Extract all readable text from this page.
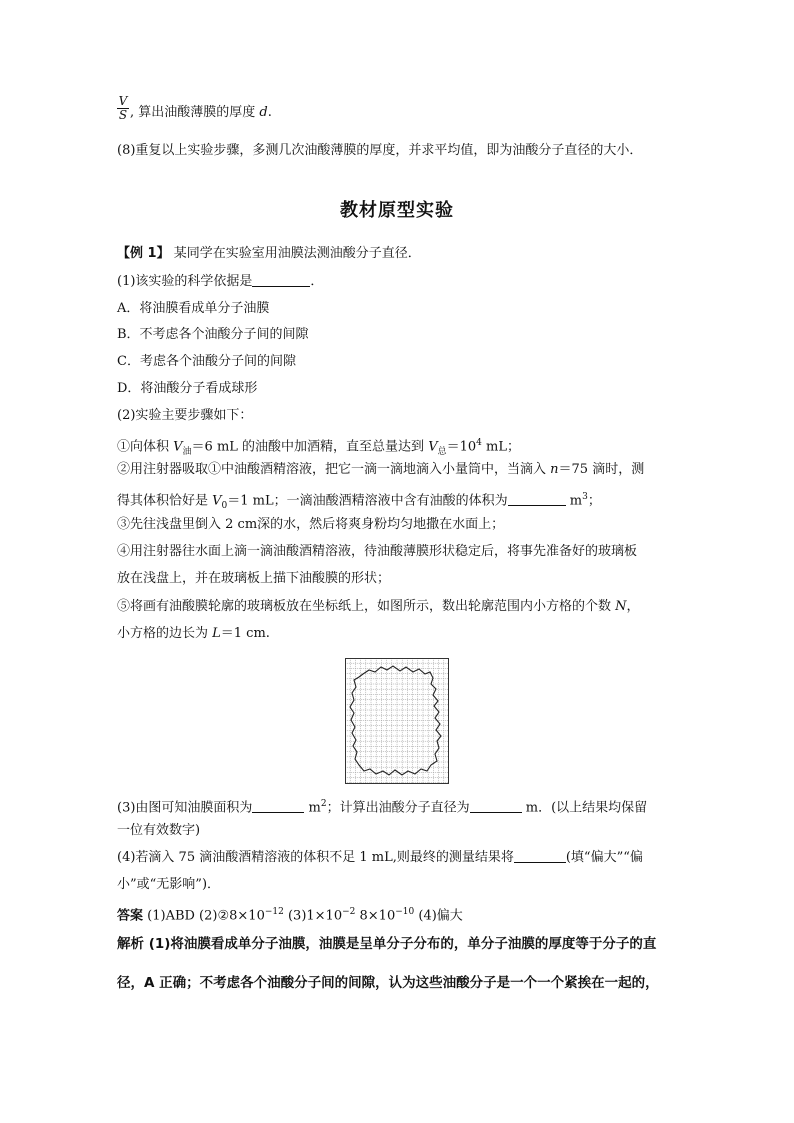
$\frac{V}{S}$ , 算出油酸薄膜的厚度 d.
(8)重复以上实验步骤，多测几次油酸薄膜的厚度，并求平均值，即为油酸分子直径的大小．
教材原型实验
【例 1】 某同学在实验室用油膜法测油酸分子直径．
(1)该实验的科学依据是	．
A．将油膜看成单分子油膜
B．不考虑各个油酸分子间的间隙
C．考虑各个油酸分子间的间隙
D．将油酸分子看成球形
(2)实验主要步骤如下：
①向体积 $V_油=6$ mL 的油酸中加酒精，直至总量达到 $V_总=10^4$ mL；
②用注射器吸取①中油酸酒精溶液，把它一滴一滴地滴入小量筒中，当滴入 n＝75 滴时，测
得其体积恰好是 $V_0=1$ mL；一滴油酸酒精溶液中含有油酸的体积为	$m^3$；
③先往浅盘里倒入 2 cm深的水，然后将爽身粉均匀地撒在水面上；
④用注射器往水面上滴一滴油酸酒精溶液，待油酸薄膜形状稳定后，将事先准备好的玻璃板
放在浅盘上，并在玻璃板上描下油酸膜的形状；
⑤将画有油酸膜轮廓的玻璃板放在坐标纸上，如图所示，数出轮廓范围内小方格的个数 N，
小方格的边长为 L＝1 cm.
(3)由图可知油膜面积为	$m^2$；计算出油酸分子直径为	m．(以上结果均保留
一位有效数字)
(4)若滴入 75 滴油酸酒精溶液的体积不足 1 mL,则最终的测量结果将	(填“偏大”“偏
小”或“无影响”)．
答案 (1)ABD $(2)②8\times 10^{-12}$ $(3)1\times 10^{-2}$ $8\times 10^{-10}$ (4)偏大
解析 (1)将油膜看成单分子油膜，油膜是呈单分子分布的，单分子油膜的厚度等于分子的直
径，A 正确；不考虑各个油酸分子间的间隙，认为这些油酸分子是一个一个紧挨在一起的，
